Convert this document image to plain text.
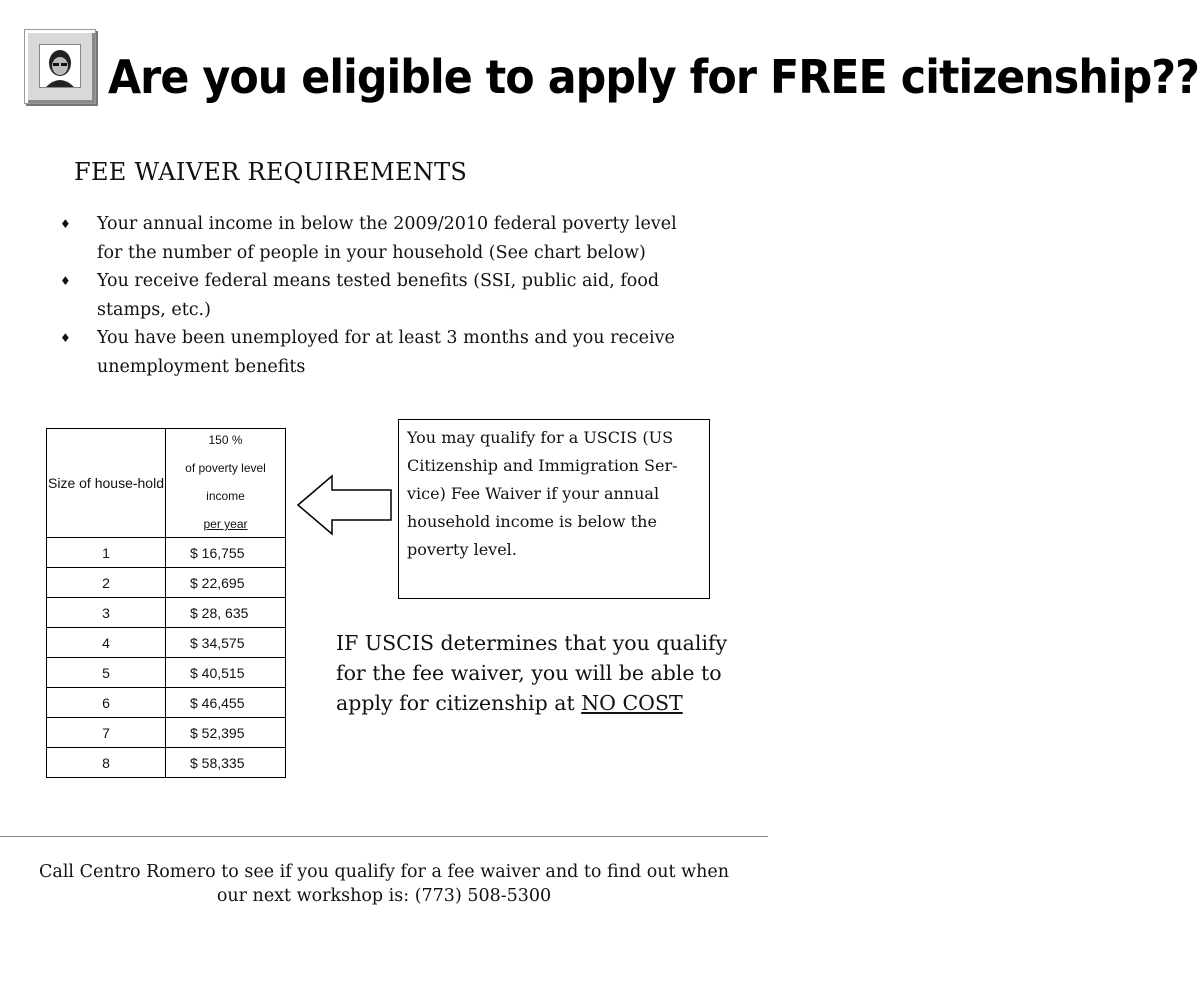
Are you eligible to apply for FREE citizenship??
FEE WAIVER REQUIREMENTS
♦ Your annual income in below the 2009/2010 federal poverty level for the number of people in your household (See chart below)
♦ You receive federal means tested benefits (SSI, public aid, food stamps, etc.)
♦ You have been unemployed for at least 3 months and you receive unemployment benefits
Size of house-hold	150 %
of poverty level
income
per year

1	$ 16,755
2	$ 22,695
3	$ 28, 635
4	$ 34,575
5	$ 40,515
6	$ 46,455
7	$ 52,395
8	$ 58,335
You may qualify for a USCIS (US Citizenship and Immigration Ser-vice) Fee Waiver if your annual household income is below the poverty level.

IF USCIS determines that you qualify for the fee waiver, you will be able to apply for citizenship at NO COST

Call Centro Romero to see if you qualify for a fee waiver and to find out when our next workshop is: (773) 508-5300
